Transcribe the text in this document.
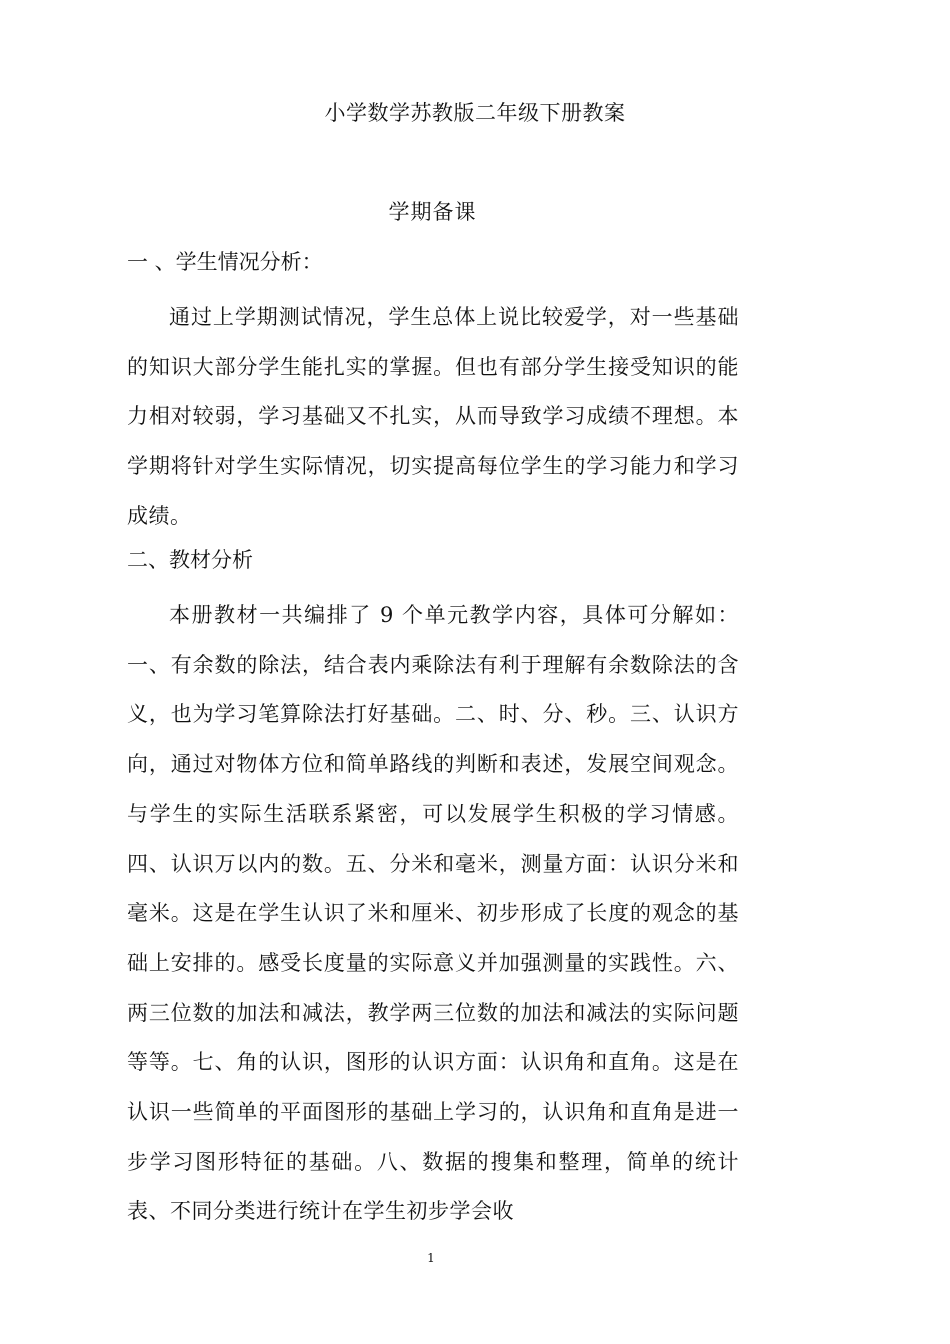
小学数学苏教版二年级下册教案
学期备课
一 、学生情况分析：

通过上学期测试情况，学生总体上说比较爱学，对一些基础的知识大部分学生能扎实的掌握。但也有部分学生接受知识的能力相对较弱，学习基础又不扎实，从而导致学习成绩不理想。本学期将针对学生实际情况，切实提高每位学生的学习能力和学习成绩。

二、教材分析

本册教材一共编排了 9 个单元教学内容，具体可分解如：一、有余数的除法，结合表内乘除法有利于理解有余数除法的含义，也为学习笔算除法打好基础。二、时、分、秒。三、认识方向，通过对物体方位和简单路线的判断和表述，发展空间观念。与学生的实际生活联系紧密，可以发展学生积极的学习情感。四、认识万以内的数。五、分米和毫米，测量方面：认识分米和毫米。这是在学生认识了米和厘米、初步形成了长度的观念的基础上安排的。感受长度量的实际意义并加强测量的实践性。六、两三位数的加法和减法，教学两三位数的加法和减法的实际问题等等。七、角的认识，图形的认识方面：认识角和直角。这是在认识一些简单的平面图形的基础上学习的，认识角和直角是进一步学习图形特征的基础。八、数据的搜集和整理，简单的统计表、不同分类进行统计在学生初步学会收

1
